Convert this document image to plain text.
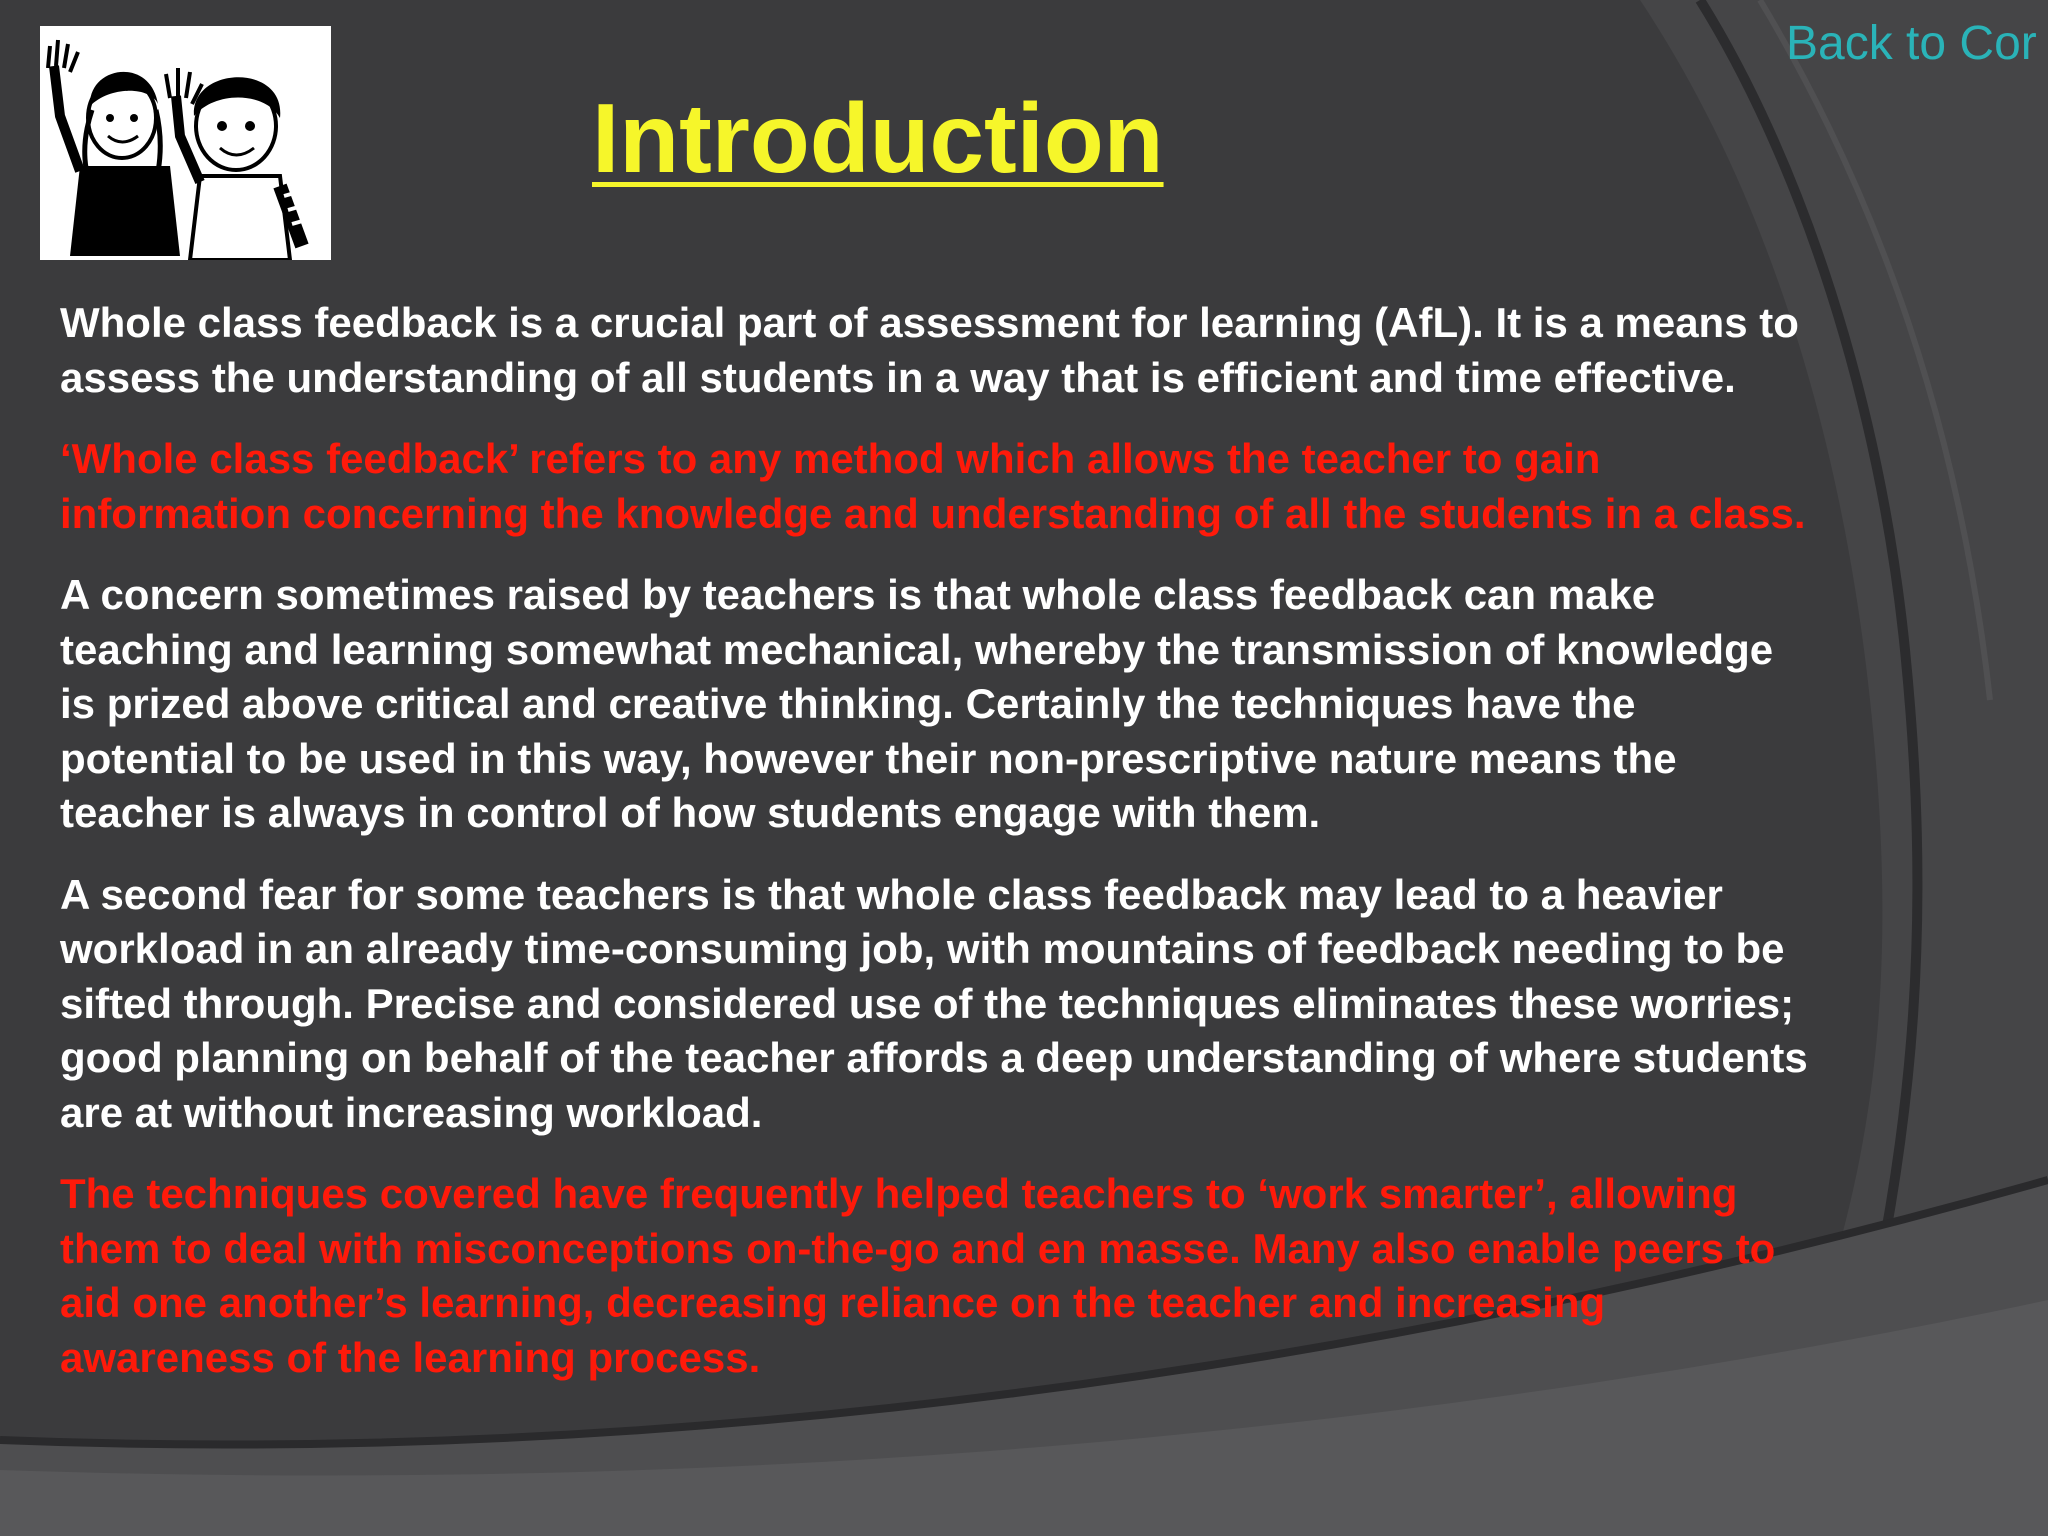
Back to Cor
Introduction

Whole class feedback is a crucial part of assessment for learning (AfL). It is a means to
assess the understanding of all students in a way that is efficient and time effective.

‘Whole class feedback’ refers to any method which allows the teacher to gain
information concerning the knowledge and understanding of all the students in a class.

A concern sometimes raised by teachers is that whole class feedback can make
teaching and learning somewhat mechanical, whereby the transmission of knowledge
is prized above critical and creative thinking. Certainly the techniques have the
potential to be used in this way, however their non-prescriptive nature means the
teacher is always in control of how students engage with them.

A second fear for some teachers is that whole class feedback may lead to a heavier
workload in an already time-consuming job, with mountains of feedback needing to be
sifted through. Precise and considered use of the techniques eliminates these worries;
good planning on behalf of the teacher affords a deep understanding of where students
are at without increasing workload.

The techniques covered have frequently helped teachers to ‘work smarter’, allowing
them to deal with misconceptions on-the-go and en masse. Many also enable peers to
aid one another’s learning, decreasing reliance on the teacher and increasing
awareness of the learning process.
